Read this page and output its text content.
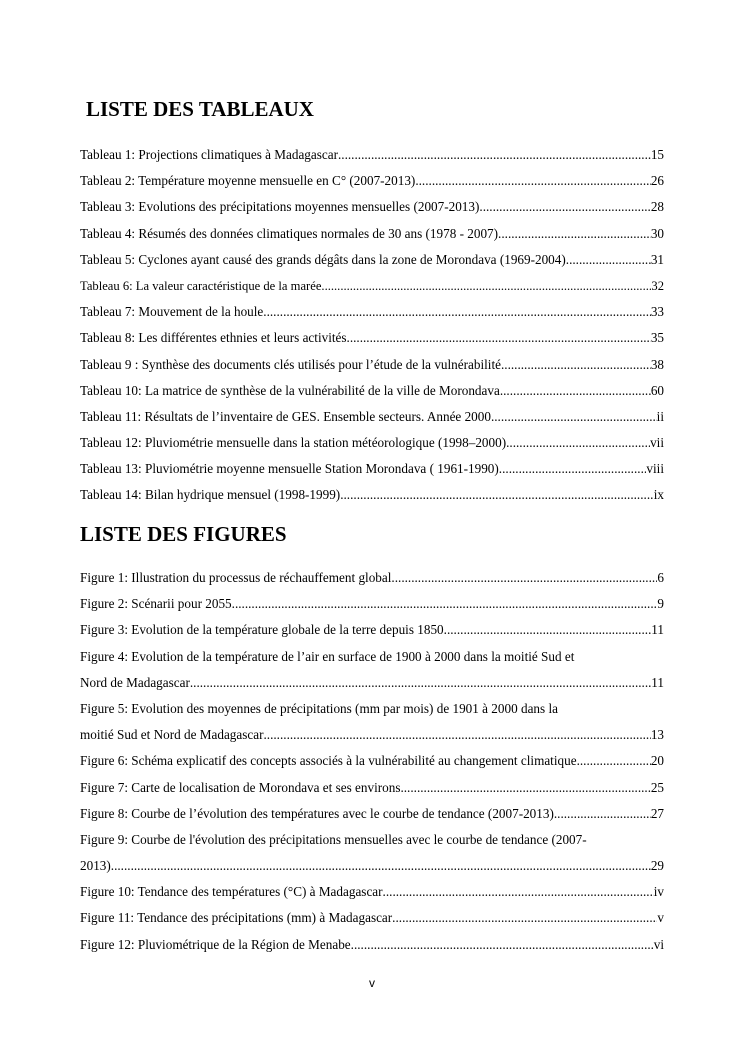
LISTE DES TABLEAUX
Tableau 1: Projections climatiques à Madagascar .....	15
Tableau 2: Température moyenne mensuelle en C° (2007-2013) .....	26
Tableau 3: Evolutions des précipitations moyennes mensuelles (2007-2013) .....	28
Tableau 4: Résumés des données climatiques normales de 30 ans (1978 - 2007) .....	30
Tableau 5: Cyclones ayant causé des grands dégâts dans la zone de Morondava (1969-2004) .....	31
Tableau 6: La valeur caractéristique de la marée .....	32
Tableau 7: Mouvement de la houle .....	33
Tableau 8: Les différentes ethnies et leurs activités .....	35
Tableau 9 : Synthèse des documents clés utilisés pour l’étude de la vulnérabilité .....	38
Tableau 10: La matrice de synthèse de la vulnérabilité de la ville de Morondava .....	60
Tableau 11: Résultats de l’inventaire de GES. Ensemble secteurs. Année 2000 .....	ii
Tableau 12: Pluviométrie mensuelle dans la station météorologique (1998–2000) .....	vii
Tableau 13: Pluviométrie moyenne mensuelle Station Morondava ( 1961-1990) .....	viii
Tableau 14: Bilan hydrique mensuel (1998-1999) .....	ix
LISTE DES FIGURES
Figure 1: Illustration du processus de réchauffement global .....	6
Figure 2: Scénarii pour 2055 .....	9
Figure 3: Evolution de la température globale de la terre depuis 1850 .....	11
Figure 4: Evolution de la température de l’air en surface de 1900 à 2000 dans la moitié Sud et
Nord de Madagascar .....	11
Figure 5: Evolution des moyennes de précipitations (mm par mois) de 1901 à 2000 dans la
moitié Sud et Nord de Madagascar .....	13
Figure 6: Schéma explicatif des concepts associés à la vulnérabilité au changement climatique .....	20
Figure 7: Carte de localisation de Morondava et ses environs .....	25
Figure 8: Courbe de l’évolution des températures avec le courbe de tendance (2007-2013) .....	27
Figure 9: Courbe de l'évolution des précipitations mensuelles avec le courbe de tendance (2007-
2013) .....	29
Figure 10: Tendance des températures (°C) à Madagascar .....	iv
Figure 11: Tendance des précipitations (mm) à Madagascar .....	v
Figure 12: Pluviométrique de la Région de Menabe .....	vi
v
